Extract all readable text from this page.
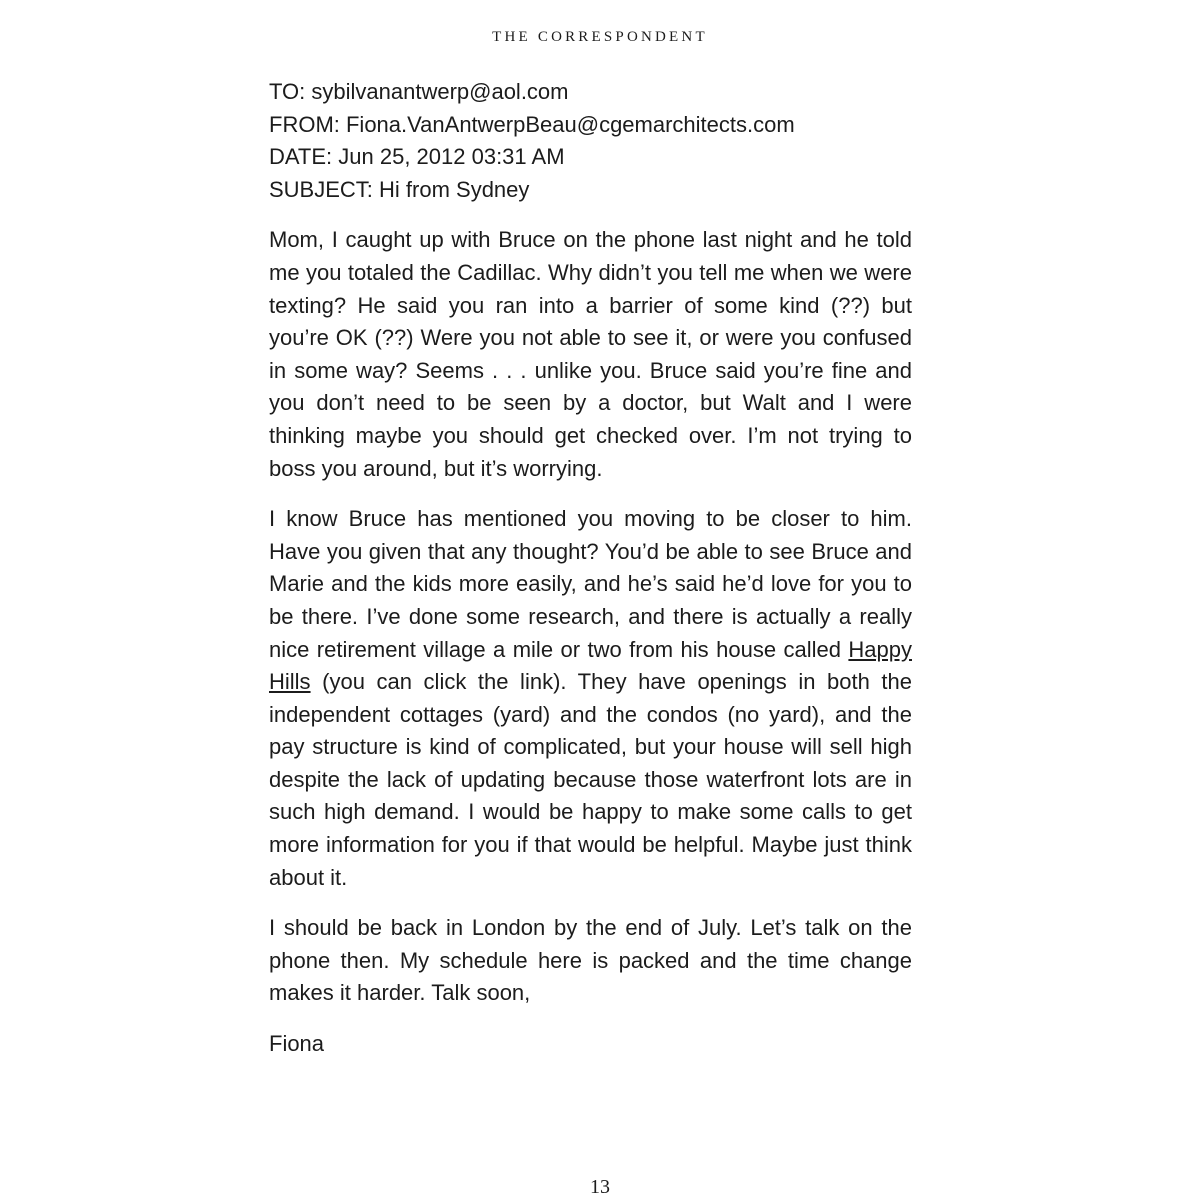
THE CORRESPONDENT
TO: sybilvanantwerp@aol.com
FROM: Fiona.VanAntwerpBeau@cgemarchitects.com
DATE: Jun 25, 2012 03:31 AM
SUBJECT: Hi from Sydney

Mom, I caught up with Bruce on the phone last night and he told me you totaled the Cadillac. Why didn’t you tell me when we were texting? He said you ran into a barrier of some kind (??) but you’re OK (??) Were you not able to see it, or were you confused in some way? Seems . . . unlike you. Bruce said you’re fine and you don’t need to be seen by a doctor, but Walt and I were thinking maybe you should get checked over. I’m not trying to boss you around, but it’s worrying.

I know Bruce has mentioned you moving to be closer to him. Have you given that any thought? You’d be able to see Bruce and Marie and the kids more easily, and he’s said he’d love for you to be there. I’ve done some research, and there is actually a really nice retirement village a mile or two from his house called Happy Hills (you can click the link). They have openings in both the independent cottages (yard) and the condos (no yard), and the pay structure is kind of complicated, but your house will sell high despite the lack of updating because those waterfront lots are in such high demand. I would be happy to make some calls to get more information for you if that would be helpful. Maybe just think about it.

I should be back in London by the end of July. Let’s talk on the phone then. My schedule here is packed and the time change makes it harder. Talk soon,

Fiona

13
